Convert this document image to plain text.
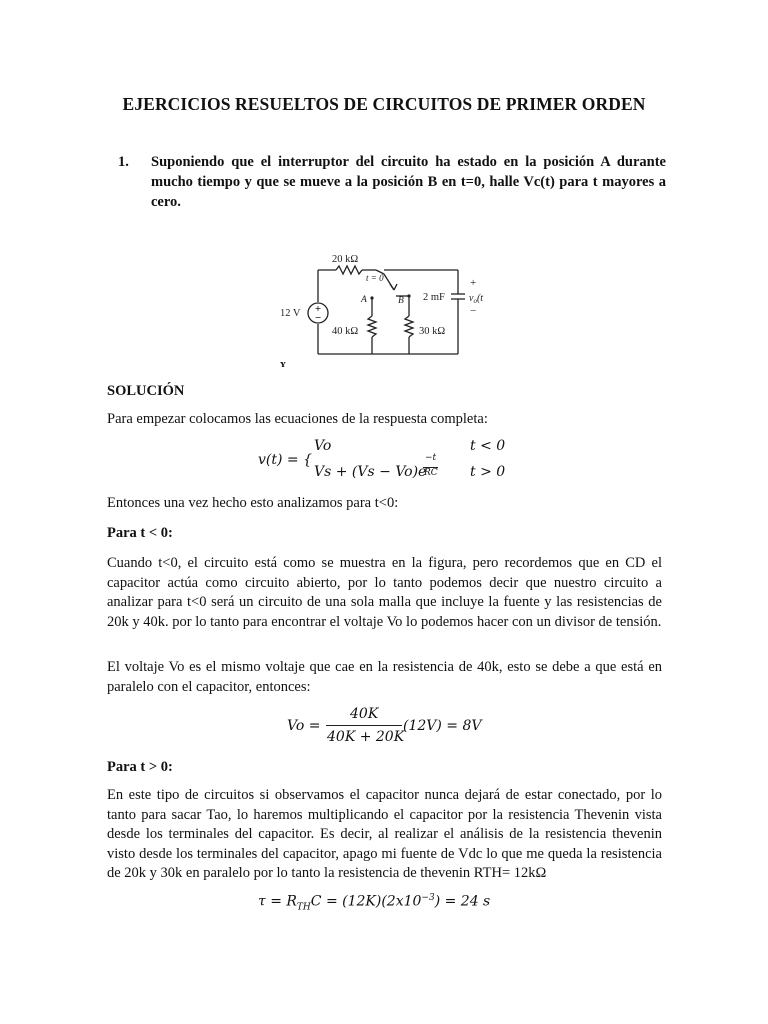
EJERCICIOS RESUELTOS DE CIRCUITOS DE PRIMER ORDEN
1. Suponiendo que el interruptor del circuito ha estado en la posición A durante mucho tiempo y que se mueve a la posición B en t=0, halle Vc(t) para t mayores a cero.
+
−
20 kΩ
t = 0
A	B
12 V
40 kΩ	30 kΩ
2 mF $v_o(t$
+
−
ʏ
SOLUCIÓN
Para empezar colocamos las ecuaciones de la respuesta completa:
v(t) = {
Vo	t < 0
Vs + (Vs − Vo)e
−t
RC t > 0
Entonces una vez hecho esto analizamos para t<0:
Para t < 0:
Cuando t<0, el circuito está como se muestra en la figura, pero recordemos que en CD el capacitor actúa como circuito abierto, por lo tanto podemos decir que nuestro circuito a analizar para t<0 será un circuito de una sola malla que incluye la fuente y las resistencias de 20k y 40k. por lo tanto para encontrar el voltaje Vo lo podemos hacer con un divisor de tensión.
El voltaje Vo es el mismo voltaje que cae en la resistencia de 40k, esto se debe a que está en paralelo con el capacitor, entonces:
Vo =
40K
40K + 20K
(12V) = 8V
Para t > 0:
En este tipo de circuitos si observamos el capacitor nunca dejará de estar conectado, por lo tanto para sacar Tao, lo haremos multiplicando el capacitor por la resistencia Thevenin vista desde los terminales del capacitor. Es decir, al realizar el análisis de la resistencia thevenin visto desde los terminales del capacitor, apago mi fuente de Vdc lo que me queda la resistencia de 20k y 30k en paralelo por lo tanto la resistencia de thevenin RTH= 12kΩ
$\tau = R_{TH}C = (12K)(2x10^{-3}) = 24$ s
